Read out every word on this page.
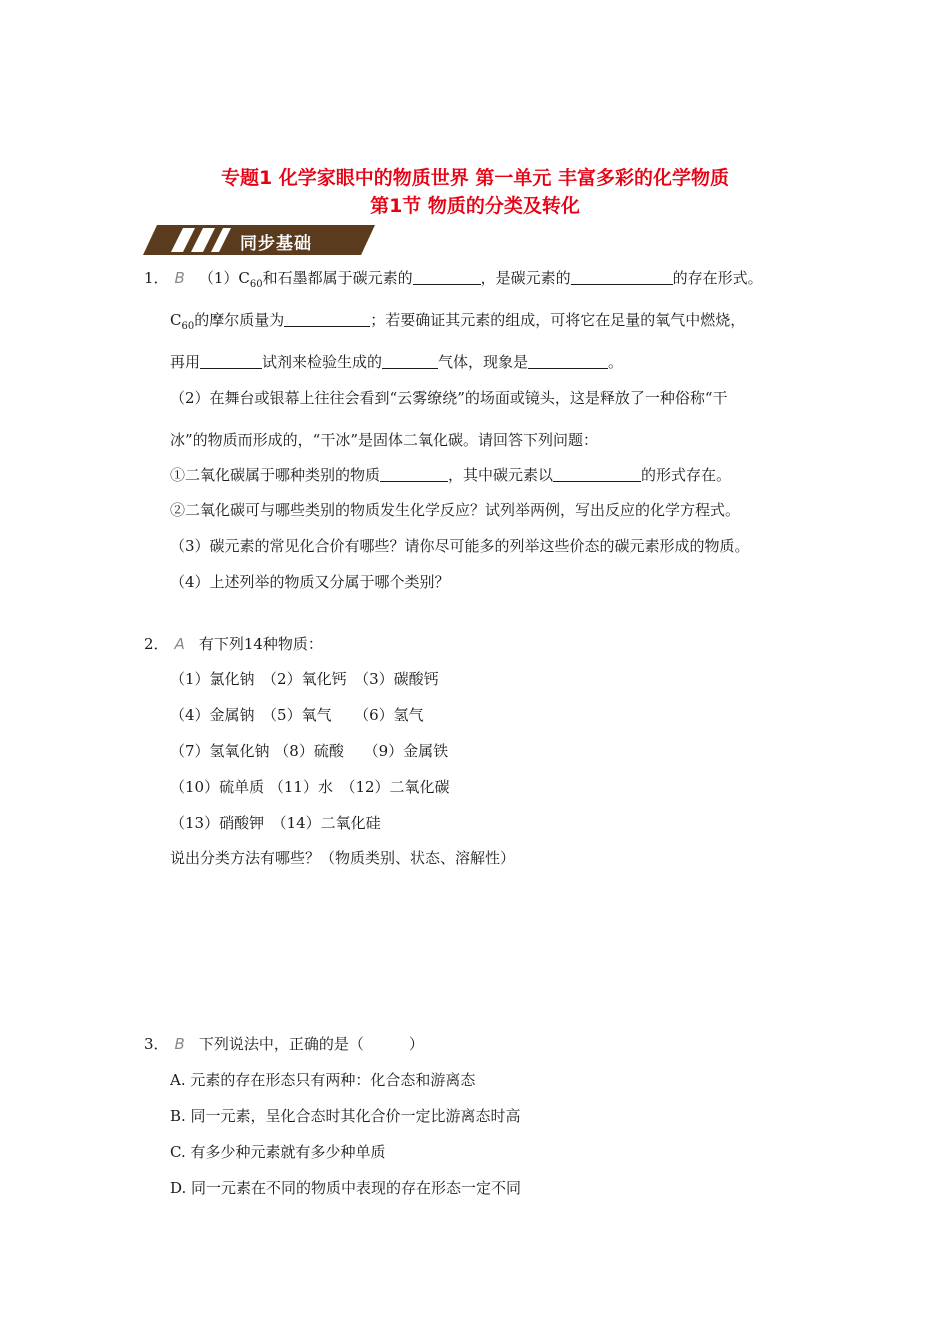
专题1 化学家眼中的物质世界 第一单元 丰富多彩的化学物质
第1节 物质的分类及转化
同步基础
1． B $(1)C_{60}$和石墨都属于碳元素的	，是碳元素的	的存在形式。
$C_{60}$的摩尔质量为	；若要确证其元素的组成，可将它在足量的氧气中燃烧，
再用	试剂来检验生成的	气体，现象是	。
（2）在舞台或银幕上往往会看到“云雾缭绕”的场面或镜头，这是释放了一种俗称“干
冰”的物质而形成的，“干冰”是固体二氧化碳。请回答下列问题：
①二氧化碳属于哪种类别的物质	，其中碳元素以	的形式存在。
②二氧化碳可与哪些类别的物质发生化学反应？试列举两例，写出反应的化学方程式。
（3）碳元素的常见化合价有哪些？请你尽可能多的列举这些价态的碳元素形成的物质。
（4）上述列举的物质又分属于哪个类别？
2． A 有下列14种物质：
（1）氯化钠　（2）氧化钙　（3）碳酸钙
（4）金属钠　（5）氧气　　（6）氢气
（7）氢氧化钠 （8）硫酸　 （9）金属铁
（10）硫单质 （11）水　（12）二氧化碳
（13）硝酸钾　（14）二氧化硅
说出分类方法有哪些？（物质类别、状态、溶解性）
3． B 下列说法中，正确的是（　　　）
A. 元素的存在形态只有两种：化合态和游离态
B. 同一元素，呈化合态时其化合价一定比游离态时高
C. 有多少种元素就有多少种单质
D. 同一元素在不同的物质中表现的存在形态一定不同
